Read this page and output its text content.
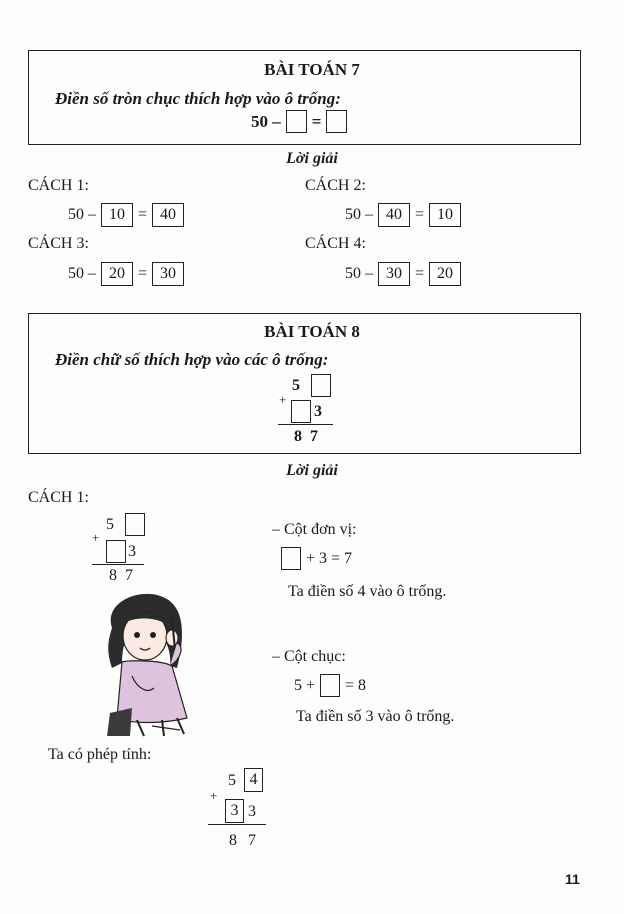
BÀI TOÁN 7
Điền số tròn chục thích hợp vào ô trống:
50 – =
Lời giải
CÁCH 1:
50 – 10 = 40
CÁCH 2:
50 – 40 = 10
CÁCH 3:
50 – 20 = 30
CÁCH 4:
50 – 30 = 20
BÀI TOÁN 8
Điền chữ số thích hợp vào các ô trống:
5
+
3
8 7
Lời giải
CÁCH 1:
5
+
3
8 7
– Cột đơn vị:
+ 3 = 7
Ta điền số 4 vào ô trống.
– Cột chục:
5 + = 8
Ta điền số 3 vào ô trống.
Ta có phép tính:
5 4
+
3 3
8 7
11
